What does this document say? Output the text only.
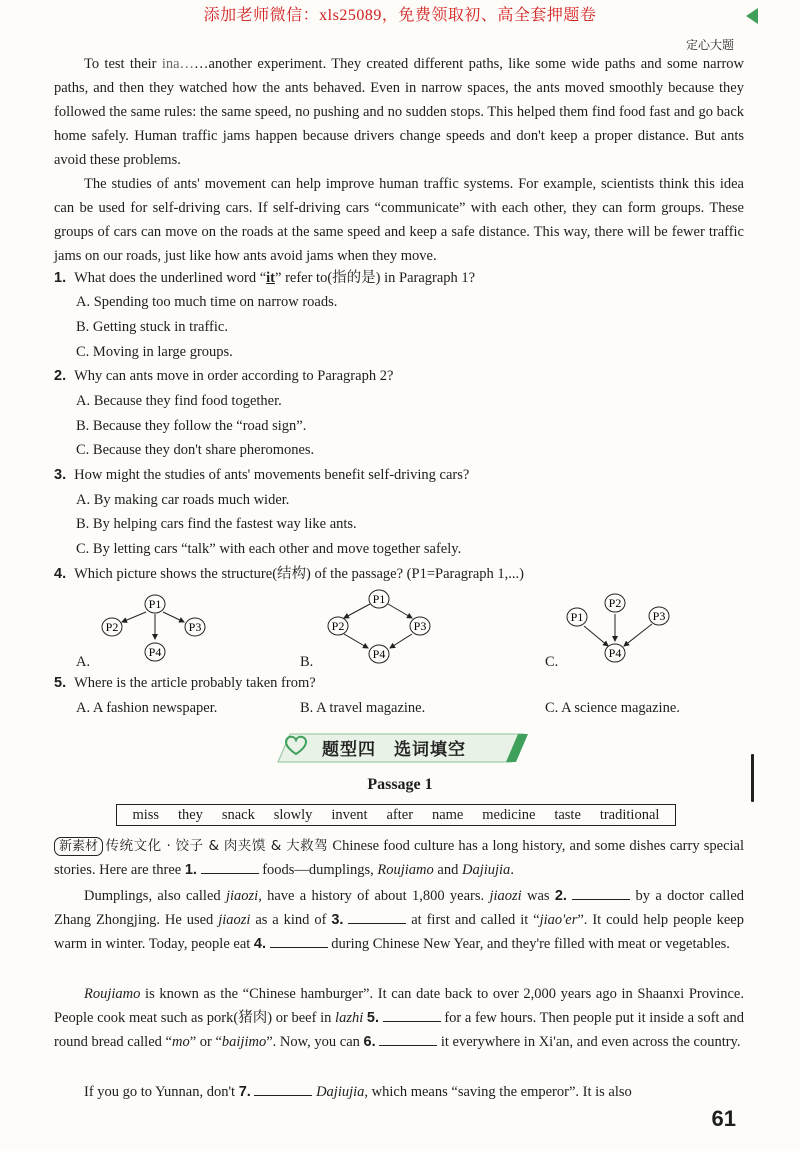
添加老师微信：xls25089，免费领取初、高全套押题卷
定心大题
To test their ina……another experiment. They created different paths, like some wide paths and some narrow paths, and then they watched how the ants behaved. Even in narrow spaces, the ants moved smoothly because they followed the same rules: the same speed, no pushing and no sudden stops. This helped them find food fast and go back home safely. Human traffic jams happen because drivers change speeds and don't keep a proper distance. But ants avoid these problems.
The studies of ants' movement can help improve human traffic systems. For example, scientists think this idea can be used for self-driving cars. If self-driving cars “communicate” with each other, they can form groups. These groups of cars can move on the roads at the same speed and keep a safe distance. This way, there will be fewer traffic jams on our roads, just like how ants avoid jams when they move.
1. What does the underlined word “it” refer to(指的是) in Paragraph 1?
A. Spending too much time on narrow roads.
B. Getting stuck in traffic.
C. Moving in large groups.
2. Why can ants move in order according to Paragraph 2?
A. Because they find food together.
B. Because they follow the “road sign”.
C. Because they don't share pheromones.
3. How might the studies of ants' movements benefit self-driving cars?
A. By making car roads much wider.
B. By helping cars find the fastest way like ants.
C. By letting cars “talk” with each other and move together safely.
4. Which picture shows the structure(结构) of the passage? (P1=Paragraph 1,...)
P1
P2	P3
P4
A.
P1
P2	P3
P4
B.
P1
P2
P3
P4
C.
5. Where is the article probably taken from?
A. A fashion newspaper.	B. A travel magazine.	C. A science magazine.
题型四　选词填空
Passage 1
miss they snack slowly invent after name medicine taste traditional
新素材 传统文化 · 饺子 & 肉夹馍 & 大救驾 Chinese food culture has a long history, and some dishes carry special stories. Here are three 1.	foods—dumplings, Roujiamo and Dajiujia.
Dumplings, also called jiaozi, have a history of about 1,800 years. jiaozi was 2.	by a doctor called Zhang Zhongjing. He used jiaozi as a kind of 3.	at first and called it “jiao'er”. It could help people keep warm in winter. Today, people eat 4.	during Chinese New Year, and they're filled with meat or vegetables.
Roujiamo is known as the “Chinese hamburger”. It can date back to over 2,000 years ago in Shaanxi Province. People cook meat such as pork(猪肉) or beef in lazhi 5.	for a few hours. Then people put it inside a soft and round bread called “mo” or “baijimo”. Now, you can 6.	it everywhere in Xi'an, and even across the country.
If you go to Yunnan, don't 7.	Dajiujia, which means “saving the emperor”. It is also
61
